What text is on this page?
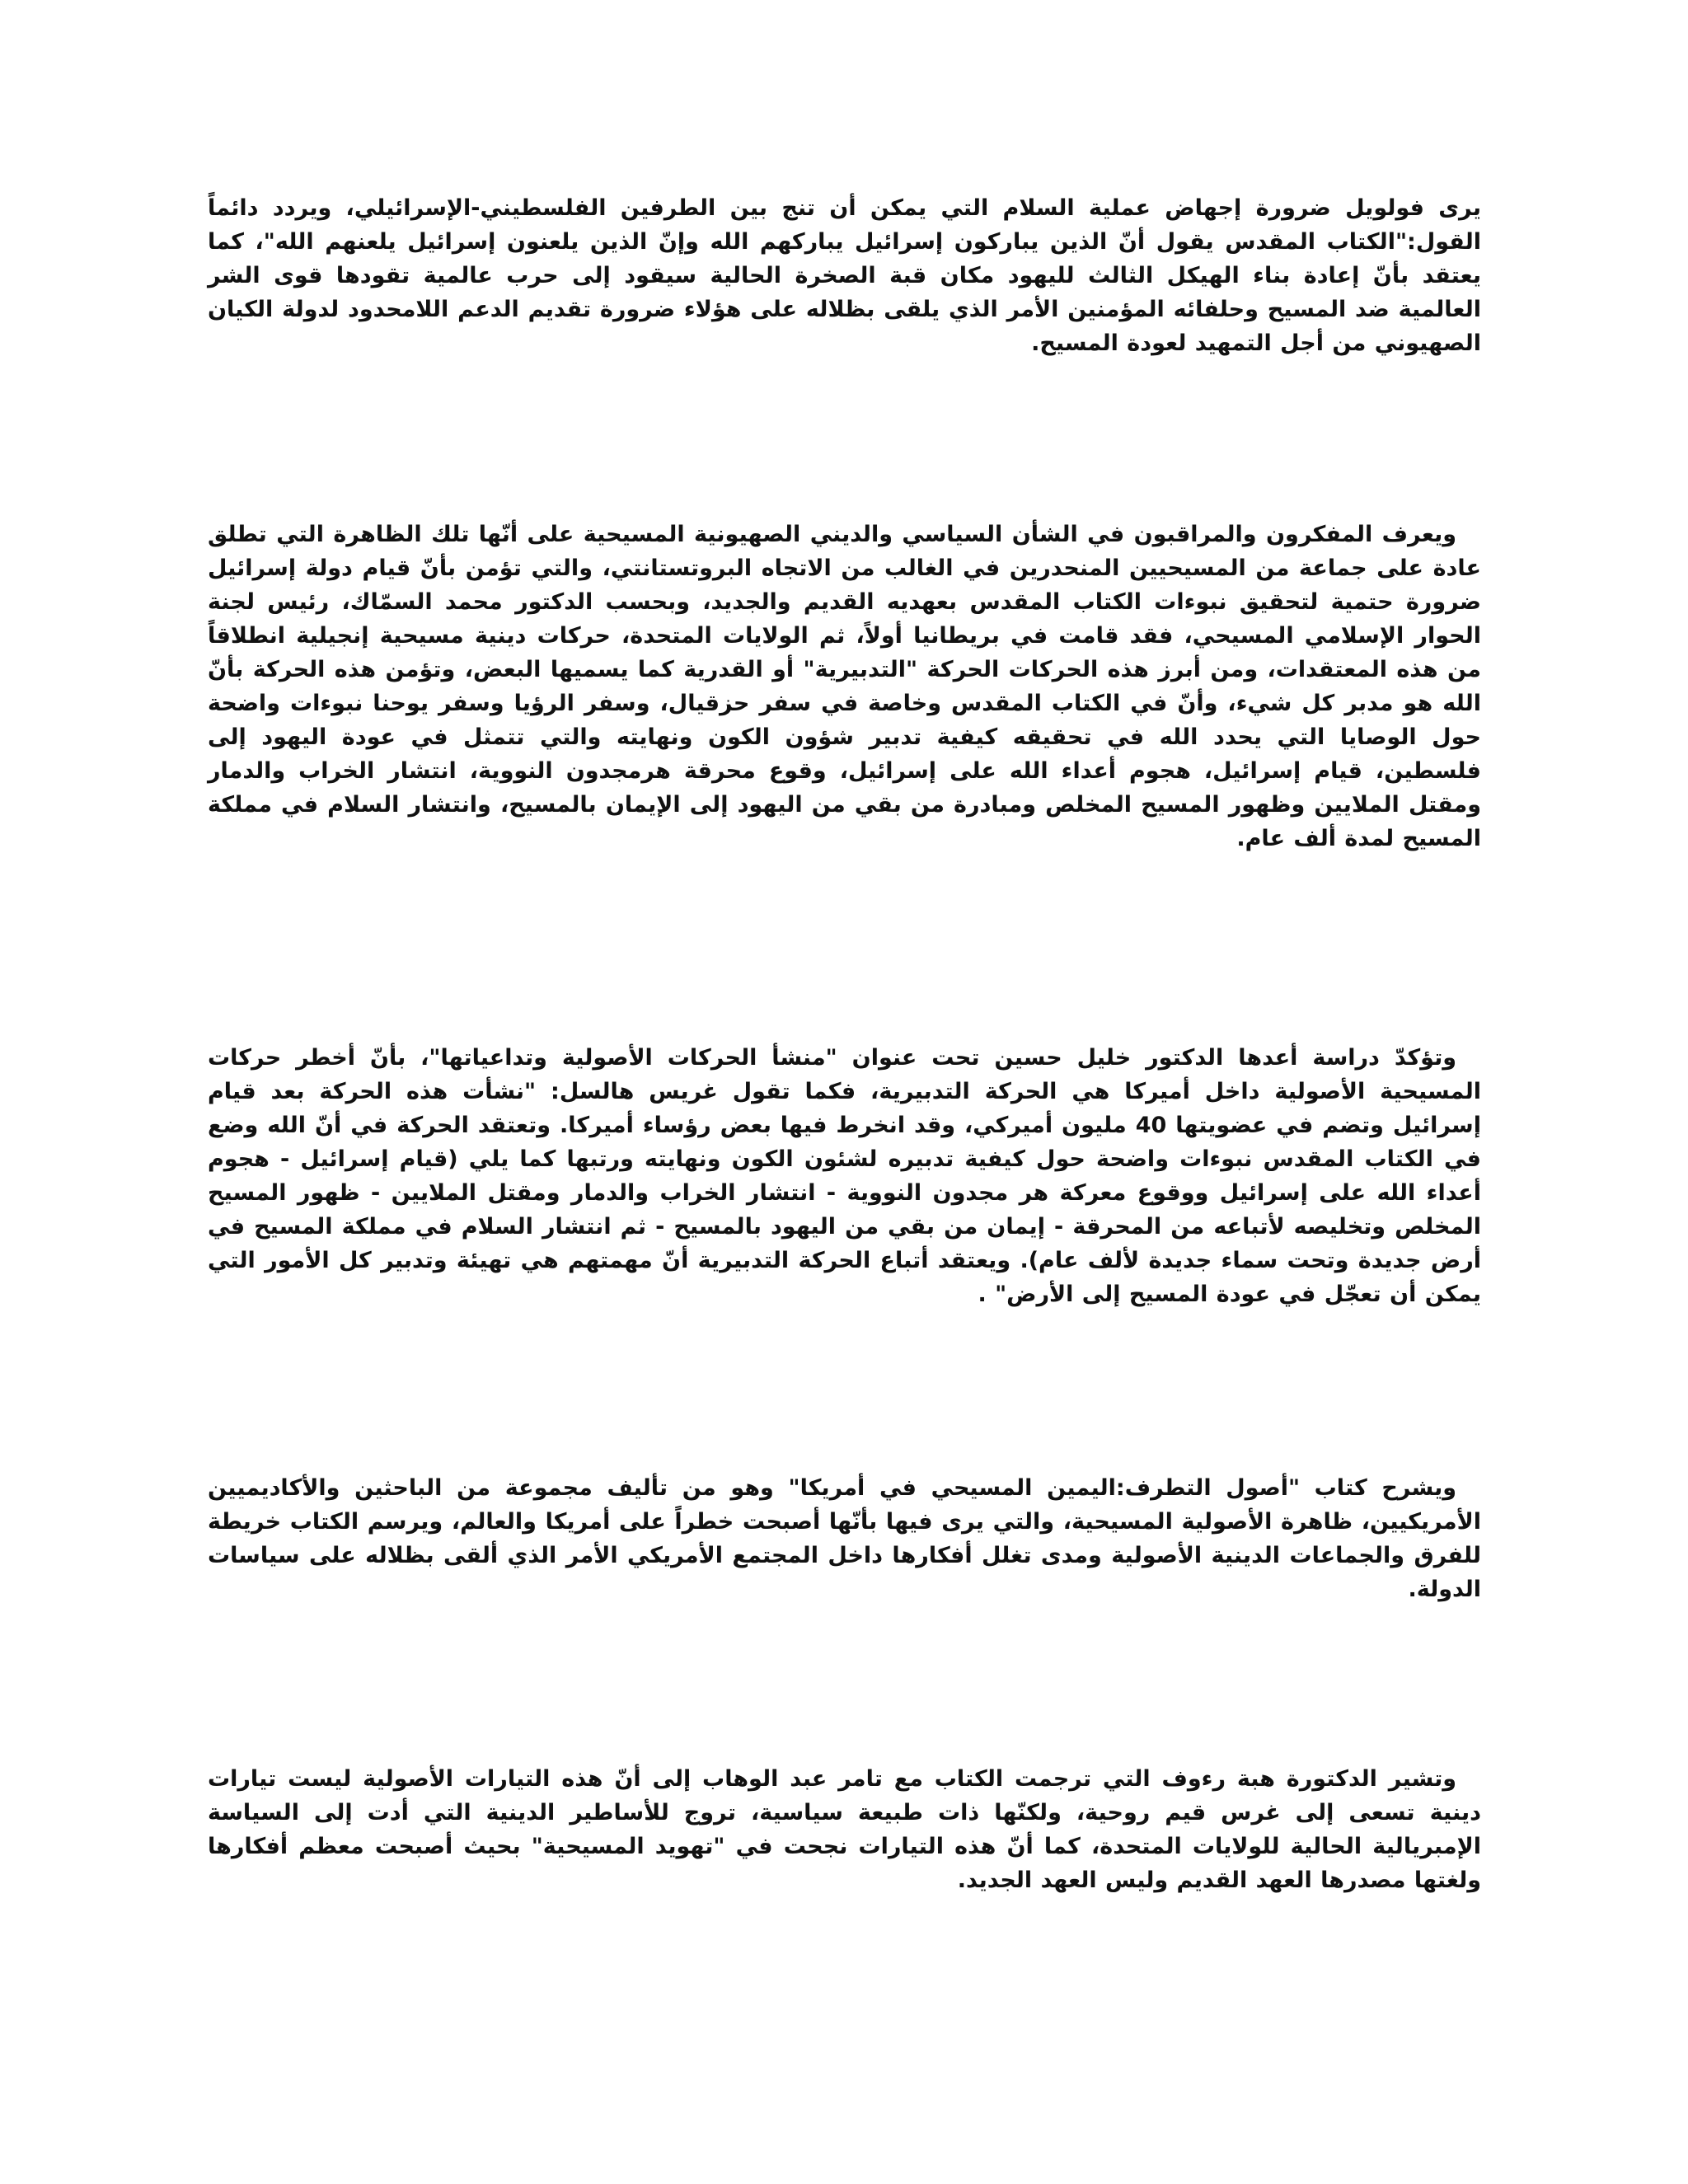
يرى فولويل ضرورة إجهاض عملية السلام التي يمكن أن تنج بين الطرفين الفلسطيني-الإسرائيلي، ويردد دائماً القول:"الكتاب المقدس يقول أنّ الذين يباركون إسرائيل يباركهم الله وإنّ الذين يلعنون إسرائيل يلعنهم الله"، كما يعتقد بأنّ إعادة بناء الهيكل الثالث لليهود مكان قبة الصخرة الحالية سيقود إلى حرب عالمية تقودها قوى الشر العالمية ضد المسيح وحلفائه المؤمنين الأمر الذي يلقى بظلاله على هؤلاء ضرورة تقديم الدعم اللامحدود لدولة الكيان الصهيوني من أجل التمهيد لعودة المسيح.

ويعرف المفكرون والمراقبون في الشأن السياسي والديني الصهيونية المسيحية على أنّها تلك الظاهرة التي تطلق عادة على جماعة من المسيحيين المنحدرين في الغالب من الاتجاه البروتستانتي، والتي تؤمن بأنّ قيام دولة إسرائيل ضرورة حتمية لتحقيق نبوءات الكتاب المقدس بعهديه القديم والجديد، وبحسب الدكتور محمد السمّاك، رئيس لجنة الحوار الإسلامي المسيحي، فقد قامت في بريطانيا أولاً، ثم الولايات المتحدة، حركات دينية مسيحية إنجيلية انطلاقاً من هذه المعتقدات، ومن أبرز هذه الحركات الحركة "التدبيرية" أو القدرية كما يسميها البعض، وتؤمن هذه الحركة بأنّ الله هو مدبر كل شيء، وأنّ في الكتاب المقدس وخاصة في سفر حزقيال، وسفر الرؤيا وسفر يوحنا نبوءات واضحة حول الوصايا التي يحدد الله في تحقيقه كيفية تدبير شؤون الكون ونهايته والتي تتمثل في عودة اليهود إلى فلسطين، قيام إسرائيل، هجوم أعداء الله على إسرائيل، وقوع محرقة هرمجدون النووية، انتشار الخراب والدمار ومقتل الملايين وظهور المسيح المخلص ومبادرة من بقي من اليهود إلى الإيمان بالمسيح، وانتشار السلام في مملكة المسيح لمدة ألف عام.

وتؤكدّ دراسة أعدها الدكتور خليل حسين تحت عنوان "منشأ الحركات الأصولية وتداعياتها"، بأنّ أخطر حركات المسيحية الأصولية داخل أميركا هي الحركة التدبيرية، فكما تقول غريس هالسل: "نشأت هذه الحركة بعد قيام إسرائيل وتضم في عضويتها 40 مليون أميركي، وقد انخرط فيها بعض رؤساء أميركا. وتعتقد الحركة في أنّ الله وضع في الكتاب المقدس نبوءات واضحة حول كيفية تدبيره لشئون الكون ونهايته ورتبها كما يلي (قيام إسرائيل - هجوم أعداء الله على إسرائيل ووقوع معركة هر مجدون النووية - انتشار الخراب والدمار ومقتل الملايين - ظهور المسيح المخلص وتخليصه لأتباعه من المحرقة - إيمان من بقي من اليهود بالمسيح - ثم انتشار السلام في مملكة المسيح في أرض جديدة وتحت سماء جديدة لألف عام). ويعتقد أتباع الحركة التدبيرية أنّ مهمتهم هي تهيئة وتدبير كل الأمور التي يمكن أن تعجّل في عودة المسيح إلى الأرض" .

ويشرح كتاب "أصول التطرف:اليمين المسيحي في أمريكا" وهو من تأليف مجموعة من الباحثين والأكاديميين الأمريكيين، ظاهرة الأصولية المسيحية، والتي يرى فيها بأنّها أصبحت خطراً على أمريكا والعالم، ويرسم الكتاب خريطة للفرق والجماعات الدينية الأصولية ومدى تغلل أفكارها داخل المجتمع الأمريكي الأمر الذي ألقى بظلاله على سياسات الدولة.

وتشير الدكتورة هبة رءوف التي ترجمت الكتاب مع تامر عبد الوهاب إلى أنّ هذه التيارات الأصولية ليست تيارات دينية تسعى إلى غرس قيم روحية، ولكنّها ذات طبيعة سياسية، تروج للأساطير الدينية التي أدت إلى السياسة الإمبريالية الحالية للولايات المتحدة، كما أنّ هذه التيارات نجحت في "تهويد المسيحية" بحيث أصبحت معظم أفكارها ولغتها مصدرها العهد القديم وليس العهد الجديد.
